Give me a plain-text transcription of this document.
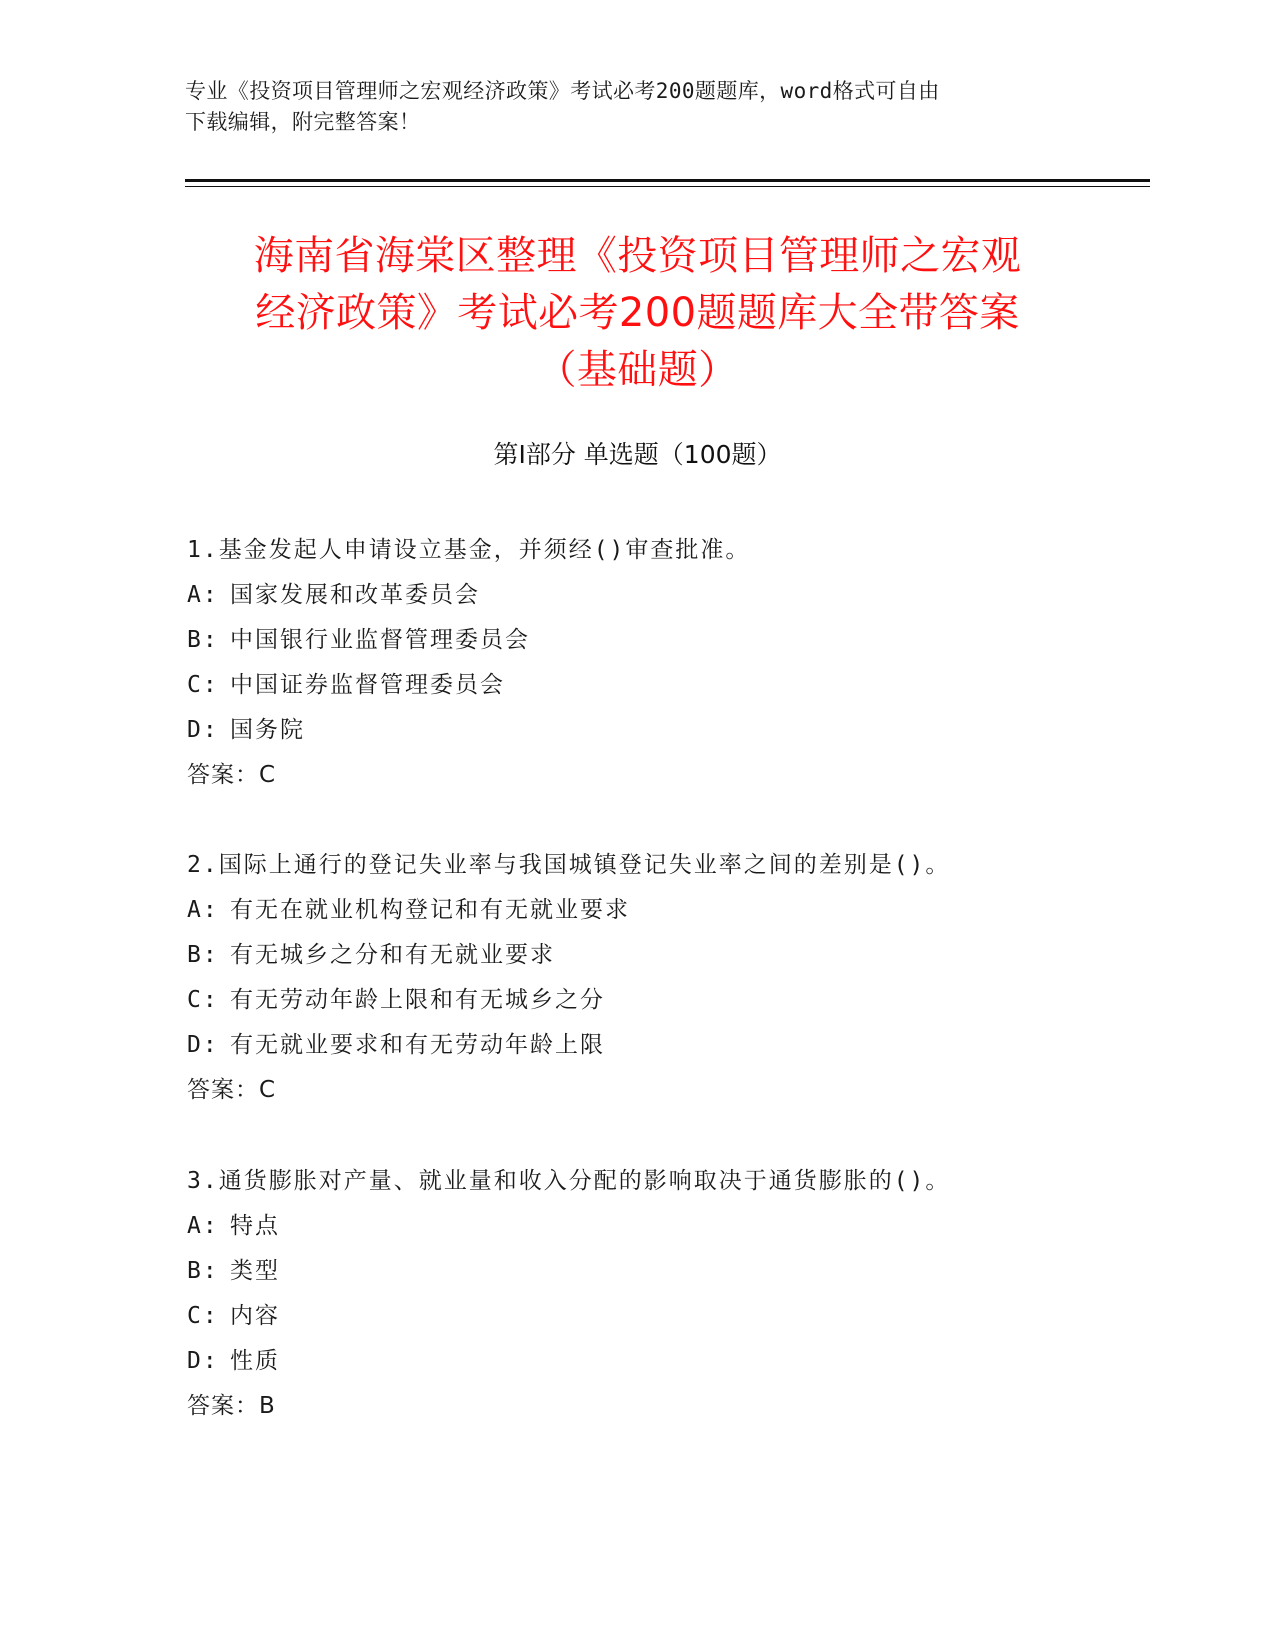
专业《投资项目管理师之宏观经济政策》考试必考200题题库，word格式可自由
下载编辑，附完整答案！
海南省海棠区整理《投资项目管理师之宏观
经济政策》考试必考200题题库大全带答案
（基础题）
第Ⅰ部分 单选题（100题）
1.基金发起人申请设立基金，并须经()审查批准。
A: 国家发展和改革委员会
B: 中国银行业监督管理委员会
C: 中国证券监督管理委员会
D: 国务院
答案：C
2.国际上通行的登记失业率与我国城镇登记失业率之间的差别是()。
A: 有无在就业机构登记和有无就业要求
B: 有无城乡之分和有无就业要求
C: 有无劳动年龄上限和有无城乡之分
D: 有无就业要求和有无劳动年龄上限
答案：C
3.通货膨胀对产量、就业量和收入分配的影响取决于通货膨胀的()。
A: 特点
B: 类型
C: 内容
D: 性质
答案：B
